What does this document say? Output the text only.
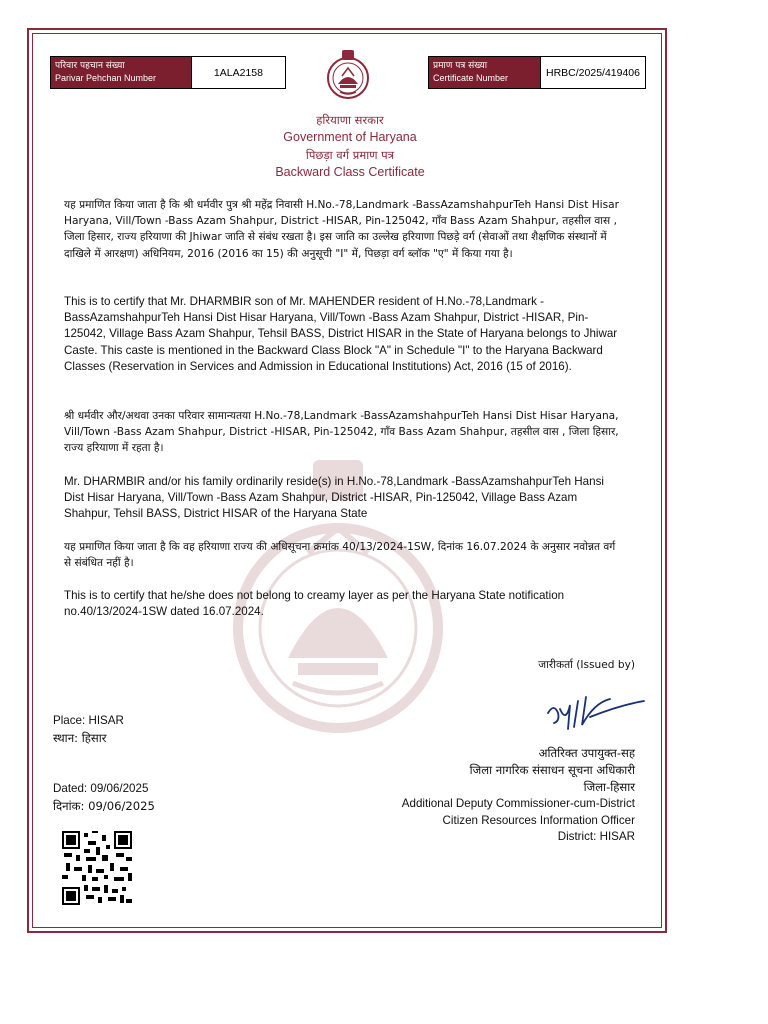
परिवार पहचान संख्या
Parivar Pehchan Number	1ALA2158
प्रमाण पत्र संख्या
Certificate Number	HRBC/2025/419406
हरियाणा सरकार
Government of Haryana
पिछड़ा वर्ग प्रमाण पत्र
Backward Class Certificate
यह प्रमाणित किया जाता है कि श्री धर्मवीर पुत्र श्री महेंद्र निवासी H.No.-78,Landmark -BassAzamshahpurTeh Hansi Dist Hisar Haryana, Vill/Town -Bass Azam Shahpur, District -HISAR, Pin-125042, गाँव Bass Azam Shahpur, तहसील वास , जिला हिसार, राज्य हरियाणा की Jhiwar जाति से संबंध रखता है। इस जाति का उल्लेख हरियाणा पिछड़े वर्ग (सेवाओं तथा शैक्षणिक संस्थानों में दाखिले में आरक्षण) अधिनियम, 2016 (2016 का 15) की अनुसूची "I" में, पिछड़ा वर्ग ब्लॉक "ए" में किया गया है।
This is to certify that Mr. DHARMBIR son of Mr. MAHENDER resident of H.No.-78,Landmark -BassAzamshahpurTeh Hansi Dist Hisar Haryana, Vill/Town -Bass Azam Shahpur, District -HISAR, Pin-125042, Village Bass Azam Shahpur, Tehsil BASS, District HISAR in the State of Haryana belongs to Jhiwar Caste. This caste is mentioned in the Backward Class Block "A" in Schedule "I" to the Haryana Backward Classes (Reservation in Services and Admission in Educational Institutions) Act, 2016 (15 of 2016).
श्री धर्मवीर और/अथवा उनका परिवार सामान्यतया H.No.-78,Landmark -BassAzamshahpurTeh Hansi Dist Hisar Haryana, Vill/Town -Bass Azam Shahpur, District -HISAR, Pin-125042, गाँव Bass Azam Shahpur, तहसील वास , जिला हिसार, राज्य हरियाणा में रहता है।
Mr. DHARMBIR and/or his family ordinarily reside(s) in H.No.-78,Landmark -BassAzamshahpurTeh Hansi Dist Hisar Haryana, Vill/Town -Bass Azam Shahpur, District -HISAR, Pin-125042, Village Bass Azam Shahpur, Tehsil BASS, District HISAR of the Haryana State
यह प्रमाणित किया जाता है कि वह हरियाणा राज्य की अधिसूचना क्रमांक 40/13/2024-1SW, दिनांक 16.07.2024 के अनुसार नवोन्नत वर्ग से संबंधित नहीं है।
This is to certify that he/she does not belong to creamy layer as per the Haryana State notification no.40/13/2024-1SW dated 16.07.2024.
जारीकर्ता (Issued by)
Place: HISAR
स्थान: हिसार
अतिरिक्त उपायुक्त-सह
जिला नागरिक संसाधन सूचना अधिकारी
जिला-हिसार
Additional Deputy Commissioner-cum-District
Citizen Resources Information Officer
District: HISAR
Dated: 09/06/2025
दिनांक: 09/06/2025
